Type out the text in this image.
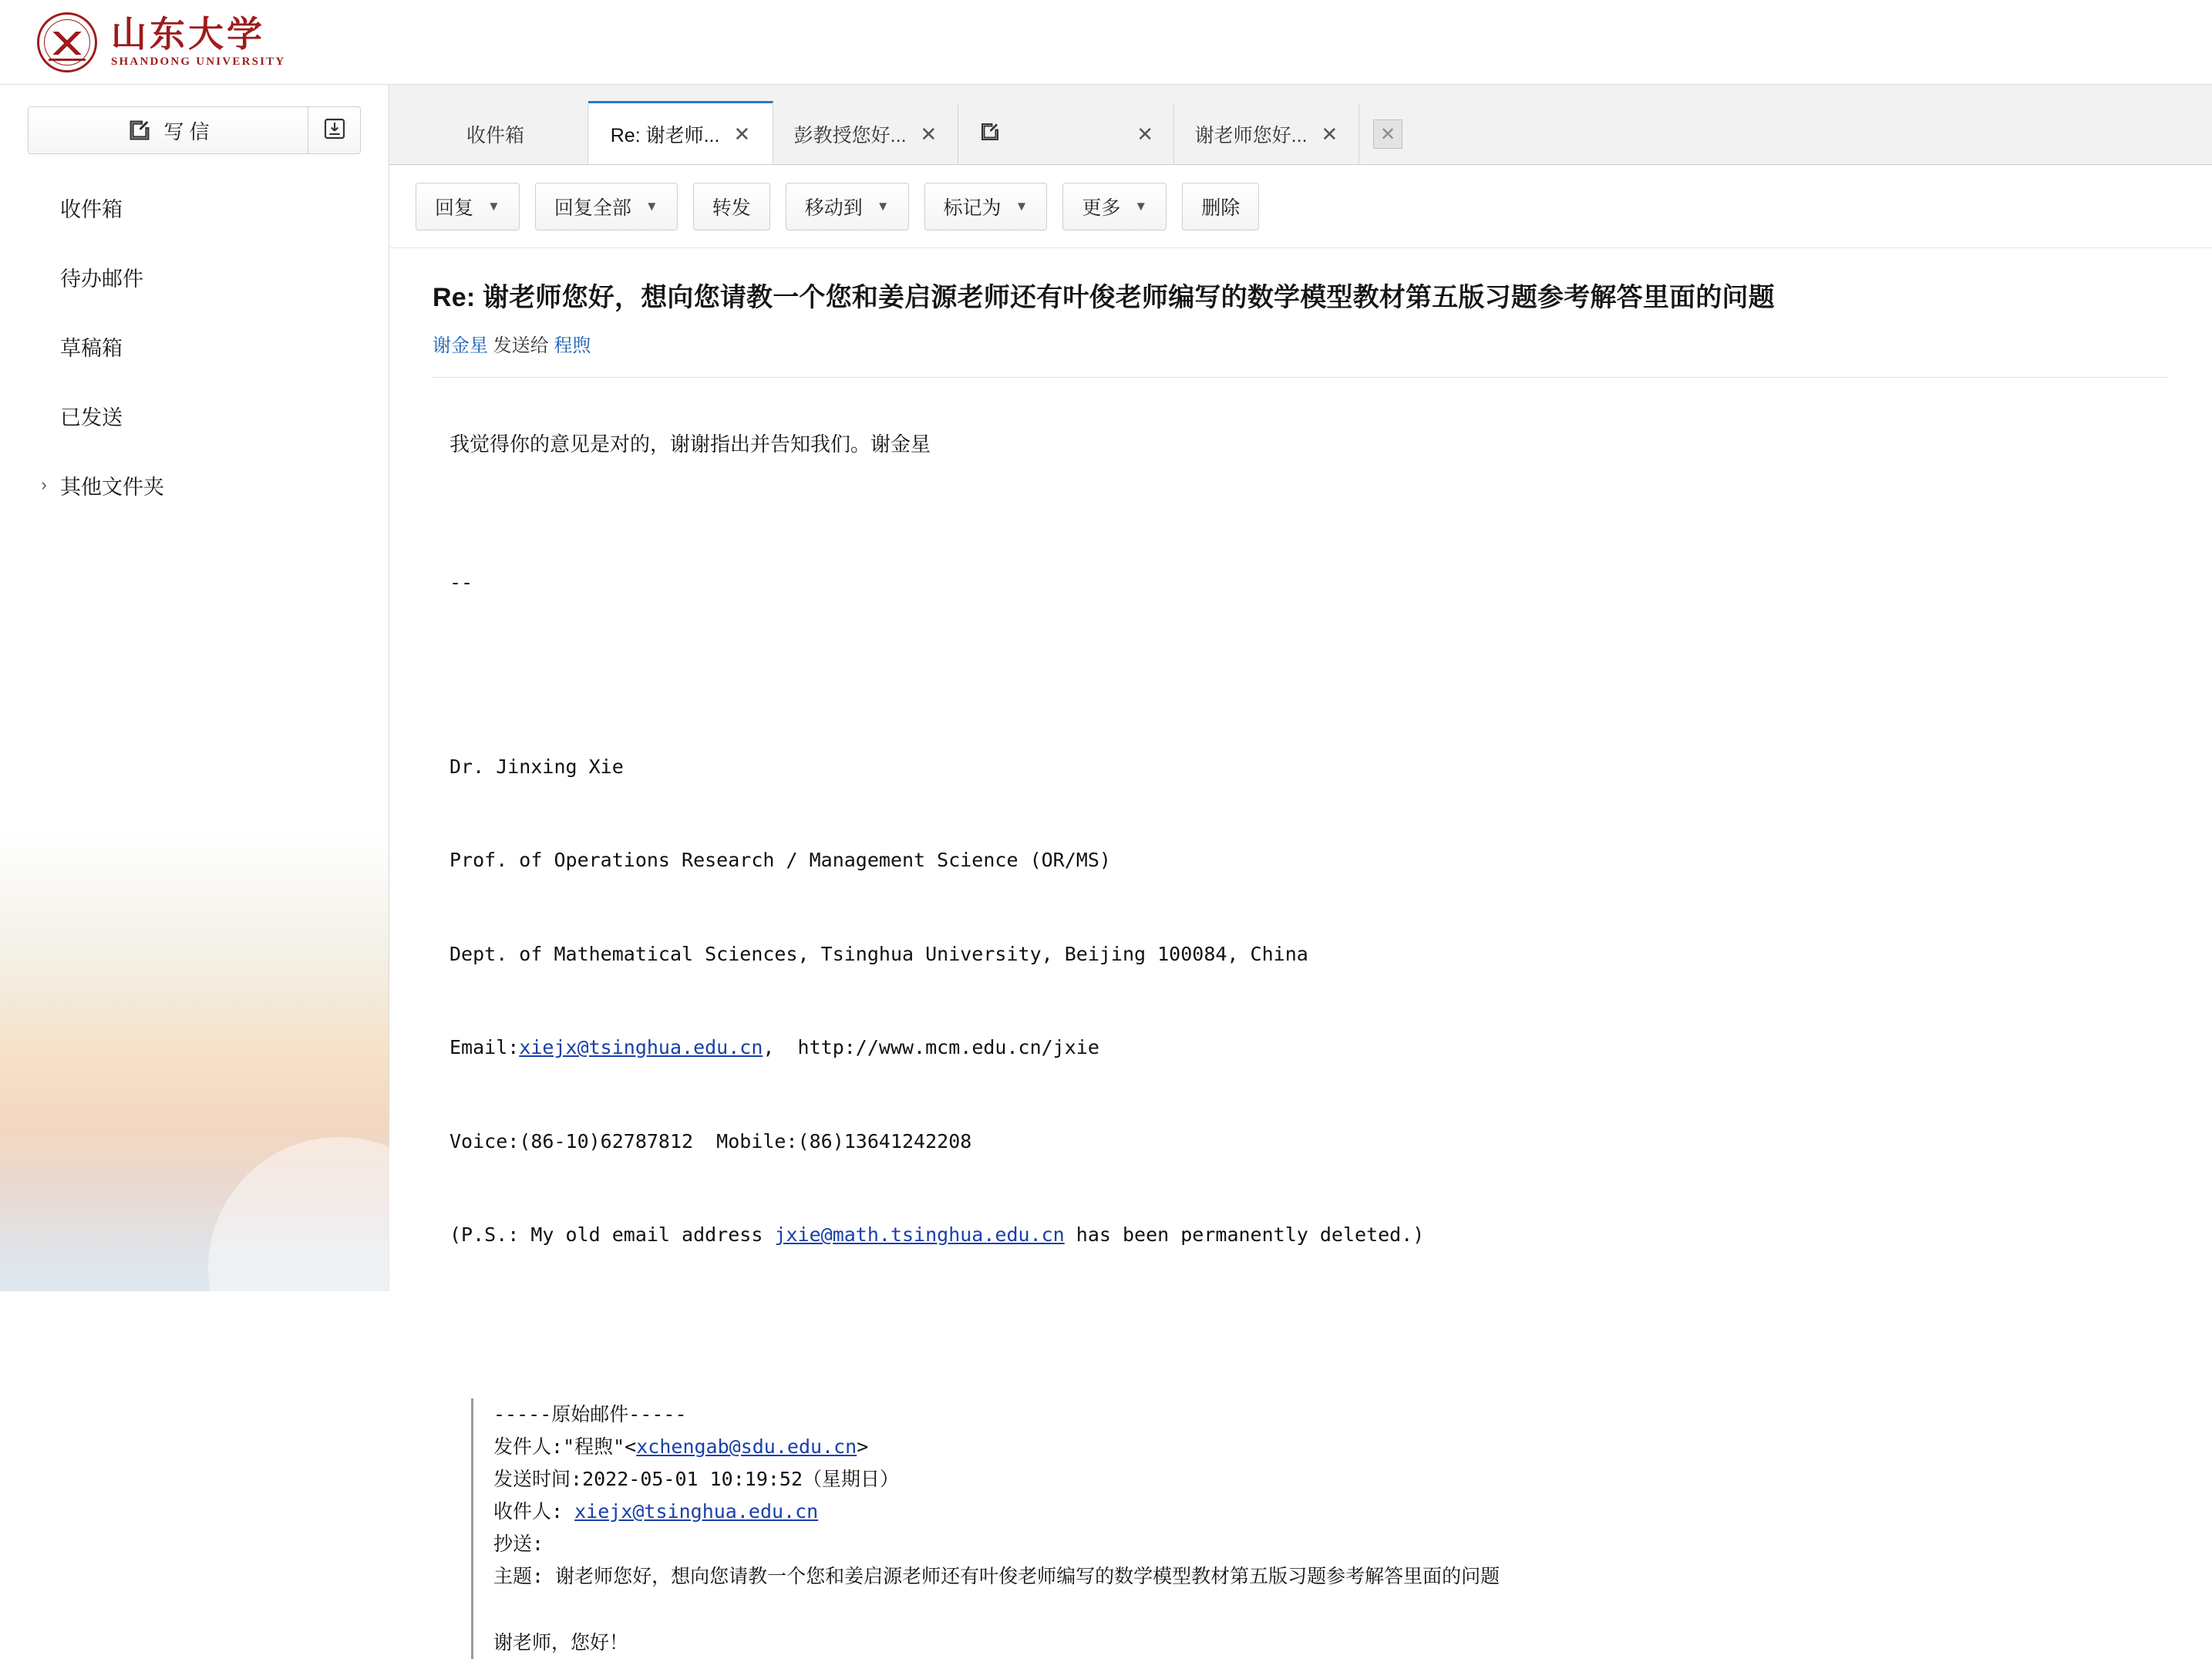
山东大学
SHANDONG UNIVERSITY
写 信
收件箱
待办邮件
草稿箱
已发送
› 其他文件夹
收件箱	Re: 谢老师... ✕ 彭教授您好... ✕	✕ 谢老师您好... ✕	✕
回复 ▼	回复全部 ▼	转发	移动到 ▼	标记为 ▼	更多 ▼	删除
Re: 谢老师您好，想向您请教一个您和姜启源老师还有叶俊老师编写的数学模型教材第五版习题参考解答里面的问题
谢金星 发送给 程煦
我觉得你的意见是对的，谢谢指出并告知我们。谢金星

--

Dr. Jinxing Xie

Prof. of Operations Research / Management Science (OR/MS)

Dept. of Mathematical Sciences, Tsinghua University, Beijing 100084, China

Email:xiejx@tsinghua.edu.cn,  http://www.mcm.edu.cn/jxie

Voice:(86-10)62787812  Mobile:(86)13641242208

(P.S.: My old email address jxie@math.tsinghua.edu.cn has been permanently deleted.)

-----原始邮件-----
发件人:"程煦"<xchengab@sdu.edu.cn>
发送时间:2022-05-01 10:19:52（星期日）
收件人: xiejx@tsinghua.edu.cn
抄送:
主题: 谢老师您好，想向您请教一个您和姜启源老师还有叶俊老师编写的数学模型教材第五版习题参考解答里面的问题
谢老师，您好！
